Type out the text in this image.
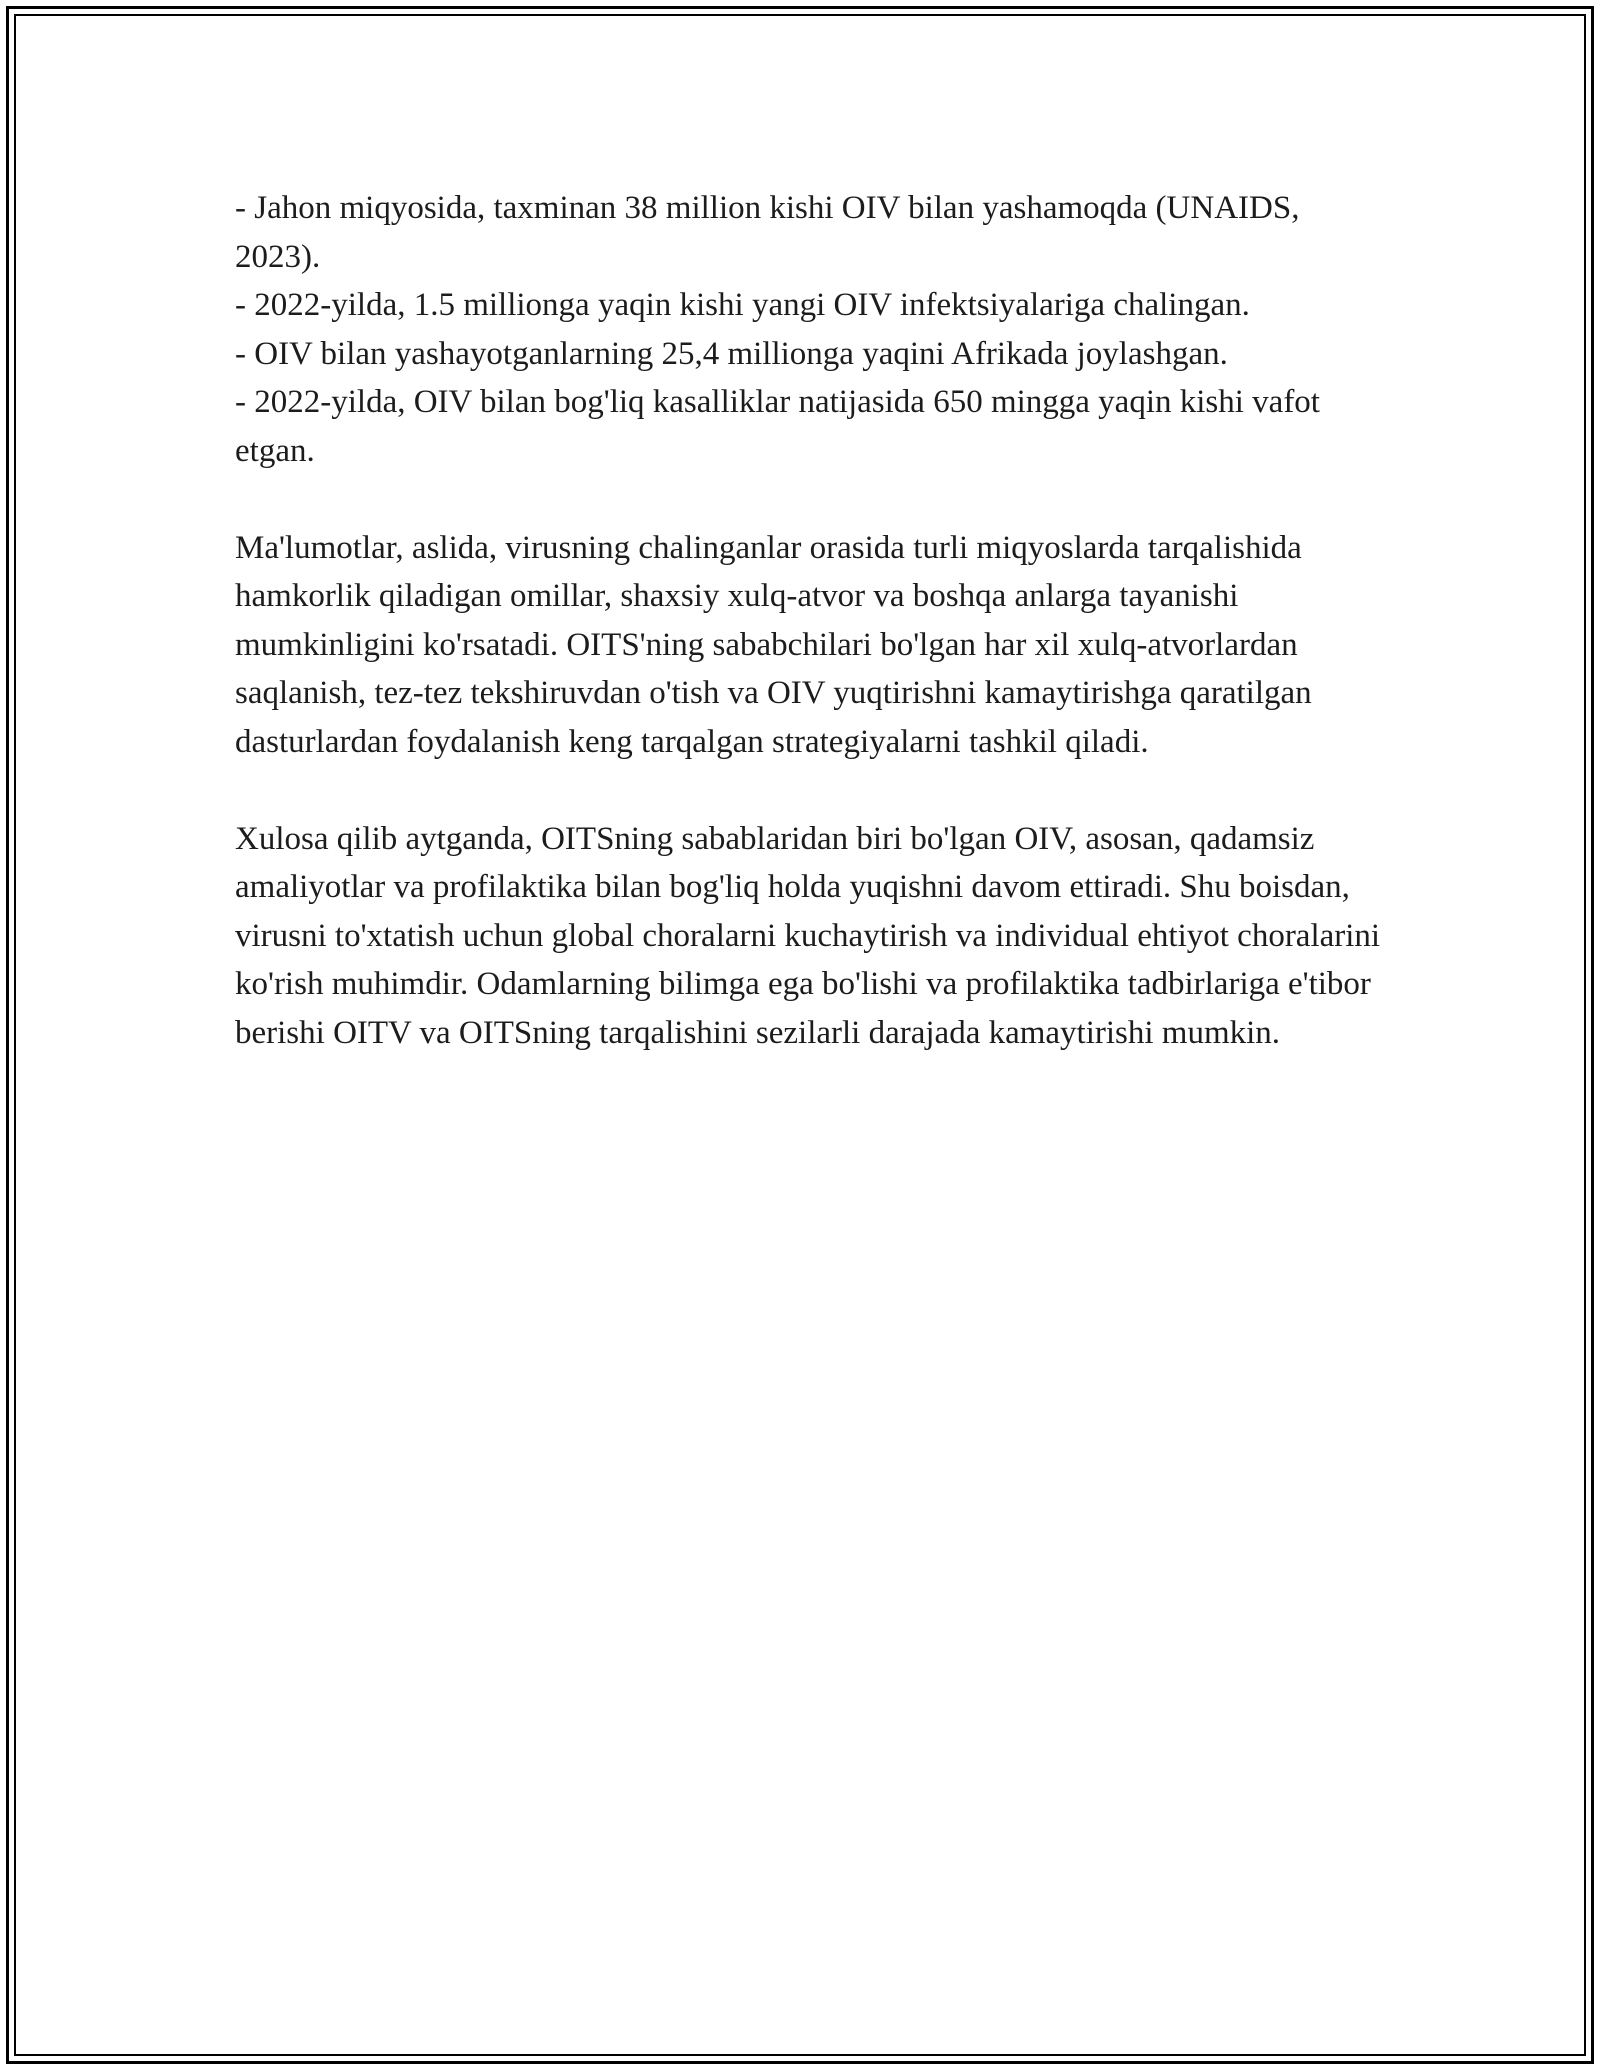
- Jahon miqyosida, taxminan 38 million kishi OIV bilan yashamoqda (UNAIDS, 2023).
- 2022-yilda, 1.5 millionga yaqin kishi yangi OIV infektsiyalariga chalingan.
- OIV bilan yashayotganlarning 25,4 millionga yaqini Afrikada joylashgan.
- 2022-yilda, OIV bilan bog'liq kasalliklar natijasida 650 mingga yaqin kishi vafot etgan.

Ma'lumotlar, aslida, virusning chalinganlar orasida turli miqyoslarda tarqalishida hamkorlik qiladigan omillar, shaxsiy xulq-atvor va boshqa anlarga tayanishi mumkinligini ko'rsatadi. OITS'ning sababchilari bo'lgan har xil xulq-atvorlardan saqlanish, tez-tez tekshiruvdan o'tish va OIV yuqtirishni kamaytirishga qaratilgan dasturlardan foydalanish keng tarqalgan strategiyalarni tashkil qiladi.

Xulosa qilib aytganda, OITSning sabablaridan biri bo'lgan OIV, asosan, qadamsiz amaliyotlar va profilaktika bilan bog'liq holda yuqishni davom ettiradi. Shu boisdan, virusni to'xtatish uchun global choralarni kuchaytirish va individual ehtiyot choralarini ko'rish muhimdir. Odamlarning bilimga ega bo'lishi va profilaktika tadbirlariga e'tibor berishi OITV va OITSning tarqalishini sezilarli darajada kamaytirishi mumkin.
